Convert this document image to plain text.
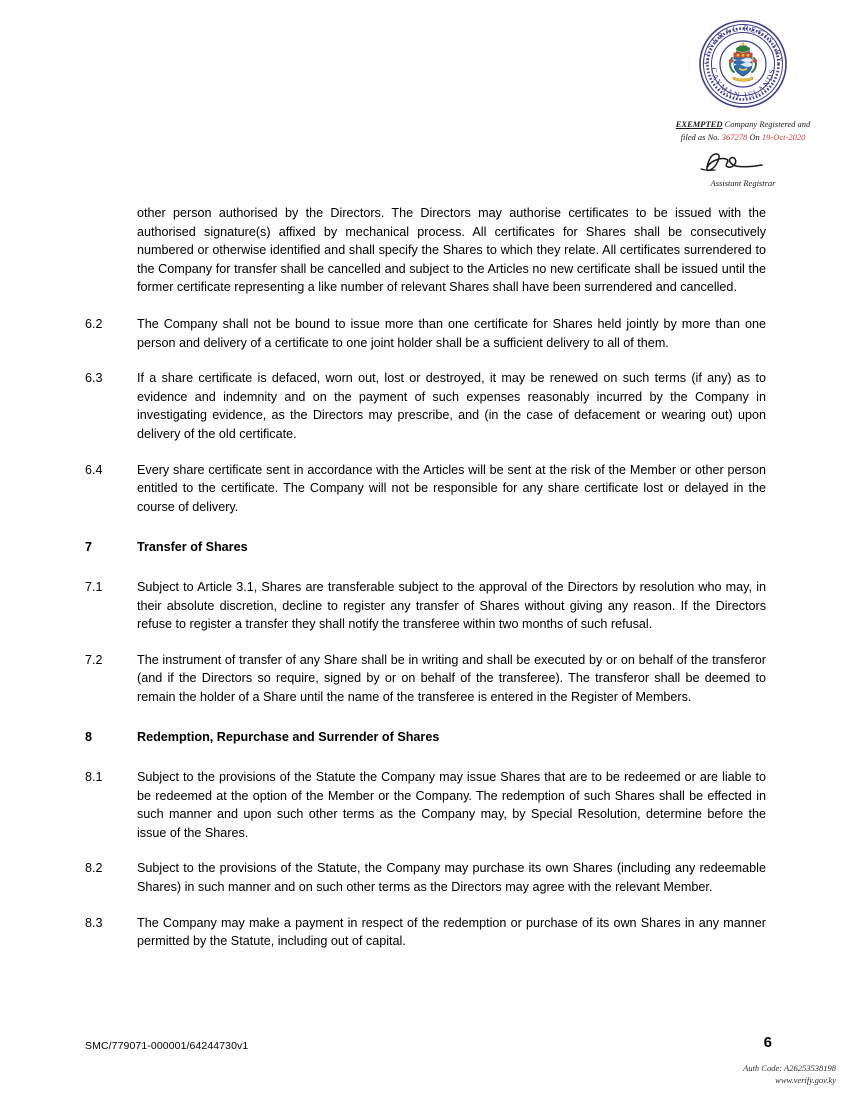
GENERAL REGISTRY
CAYMAN ISLANDS
EXEMPTED Company Registered and
filed as No. 367278 On 19-Oct-2020
Assistant Registrar
other person authorised by the Directors. The Directors may authorise certificates to be issued with the authorised signature(s) affixed by mechanical process. All certificates for Shares shall be consecutively numbered or otherwise identified and shall specify the Shares to which they relate. All certificates surrendered to the Company for transfer shall be cancelled and subject to the Articles no new certificate shall be issued until the former certificate representing a like number of relevant Shares shall have been surrendered and cancelled.
6.2	The Company shall not be bound to issue more than one certificate for Shares held jointly by more than one person and delivery of a certificate to one joint holder shall be a sufficient delivery to all of them.
6.3	If a share certificate is defaced, worn out, lost or destroyed, it may be renewed on such terms (if any) as to evidence and indemnity and on the payment of such expenses reasonably incurred by the Company in investigating evidence, as the Directors may prescribe, and (in the case of defacement or wearing out) upon delivery of the old certificate.
6.4	Every share certificate sent in accordance with the Articles will be sent at the risk of the Member or other person entitled to the certificate. The Company will not be responsible for any share certificate lost or delayed in the course of delivery.
7	Transfer of Shares
7.1	Subject to Article 3.1, Shares are transferable subject to the approval of the Directors by resolution who may, in their absolute discretion, decline to register any transfer of Shares without giving any reason. If the Directors refuse to register a transfer they shall notify the transferee within two months of such refusal.
7.2	The instrument of transfer of any Share shall be in writing and shall be executed by or on behalf of the transferor (and if the Directors so require, signed by or on behalf of the transferee). The transferor shall be deemed to remain the holder of a Share until the name of the transferee is entered in the Register of Members.
8	Redemption, Repurchase and Surrender of Shares
8.1	Subject to the provisions of the Statute the Company may issue Shares that are to be redeemed or are liable to be redeemed at the option of the Member or the Company. The redemption of such Shares shall be effected in such manner and upon such other terms as the Company may, by Special Resolution, determine before the issue of the Shares.
8.2	Subject to the provisions of the Statute, the Company may purchase its own Shares (including any redeemable Shares) in such manner and on such other terms as the Directors may agree with the relevant Member.
8.3	The Company may make a payment in respect of the redemption or purchase of its own Shares in any manner permitted by the Statute, including out of capital.
SMC/779071-000001/64244730v1	6
Auth Code: A26253538198
www.verify.gov.ky
